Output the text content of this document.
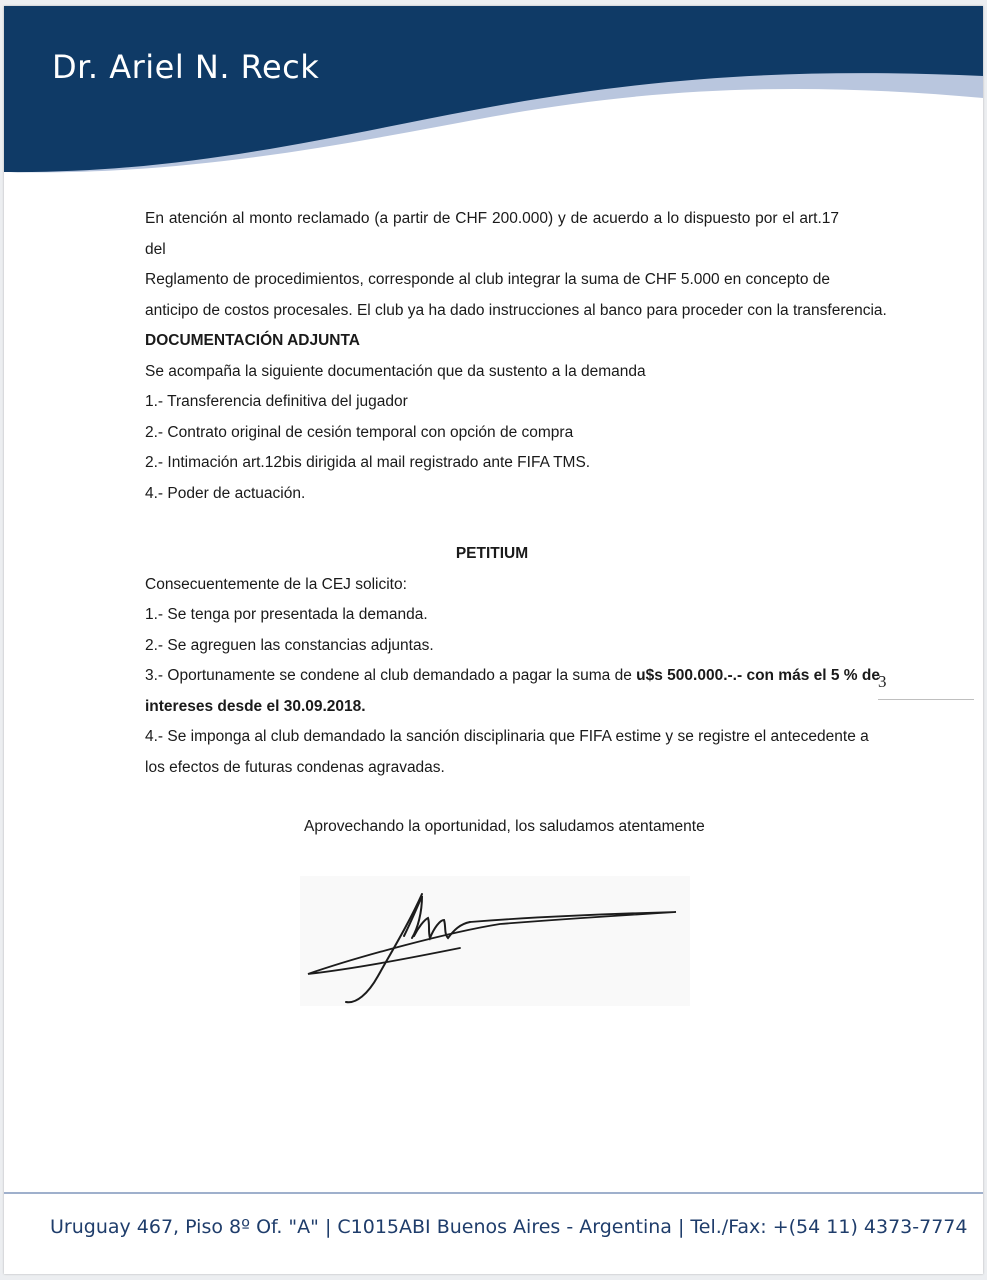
Dr. Ariel N. Reck
En atención al monto reclamado (a partir de CHF 200.000) y de acuerdo a lo dispuesto por el art.17 del
Reglamento de procedimientos, corresponde al club integrar la suma de CHF 5.000 en concepto de
anticipo de costos procesales. El club ya ha dado instrucciones al banco para proceder con la transferencia.
DOCUMENTACIÓN ADJUNTA
Se acompaña la siguiente documentación que da sustento a la demanda
1.- Transferencia definitiva del jugador
2.- Contrato original de cesión temporal con opción de compra
2.- Intimación art.12bis dirigida al mail registrado ante FIFA TMS.
4.- Poder de actuación.
PETITIUM
Consecuentemente de la CEJ solicito:
1.- Se tenga por presentada la demanda.
2.- Se agreguen las constancias adjuntas.
3.- Oportunamente se condene al club demandado a pagar la suma de u$s 500.000.-.- con más el 5 % de
intereses desde el 30.09.2018.
4.- Se imponga al club demandado la sanción disciplinaria que FIFA estime y se registre el antecedente a
los efectos de futuras condenas agravadas.
3
Aprovechando la oportunidad, los saludamos atentamente
Uruguay 467, Piso 8º Of. "A" | C1015ABI Buenos Aires - Argentina | Tel./Fax: +(54 11) 4373-7774
